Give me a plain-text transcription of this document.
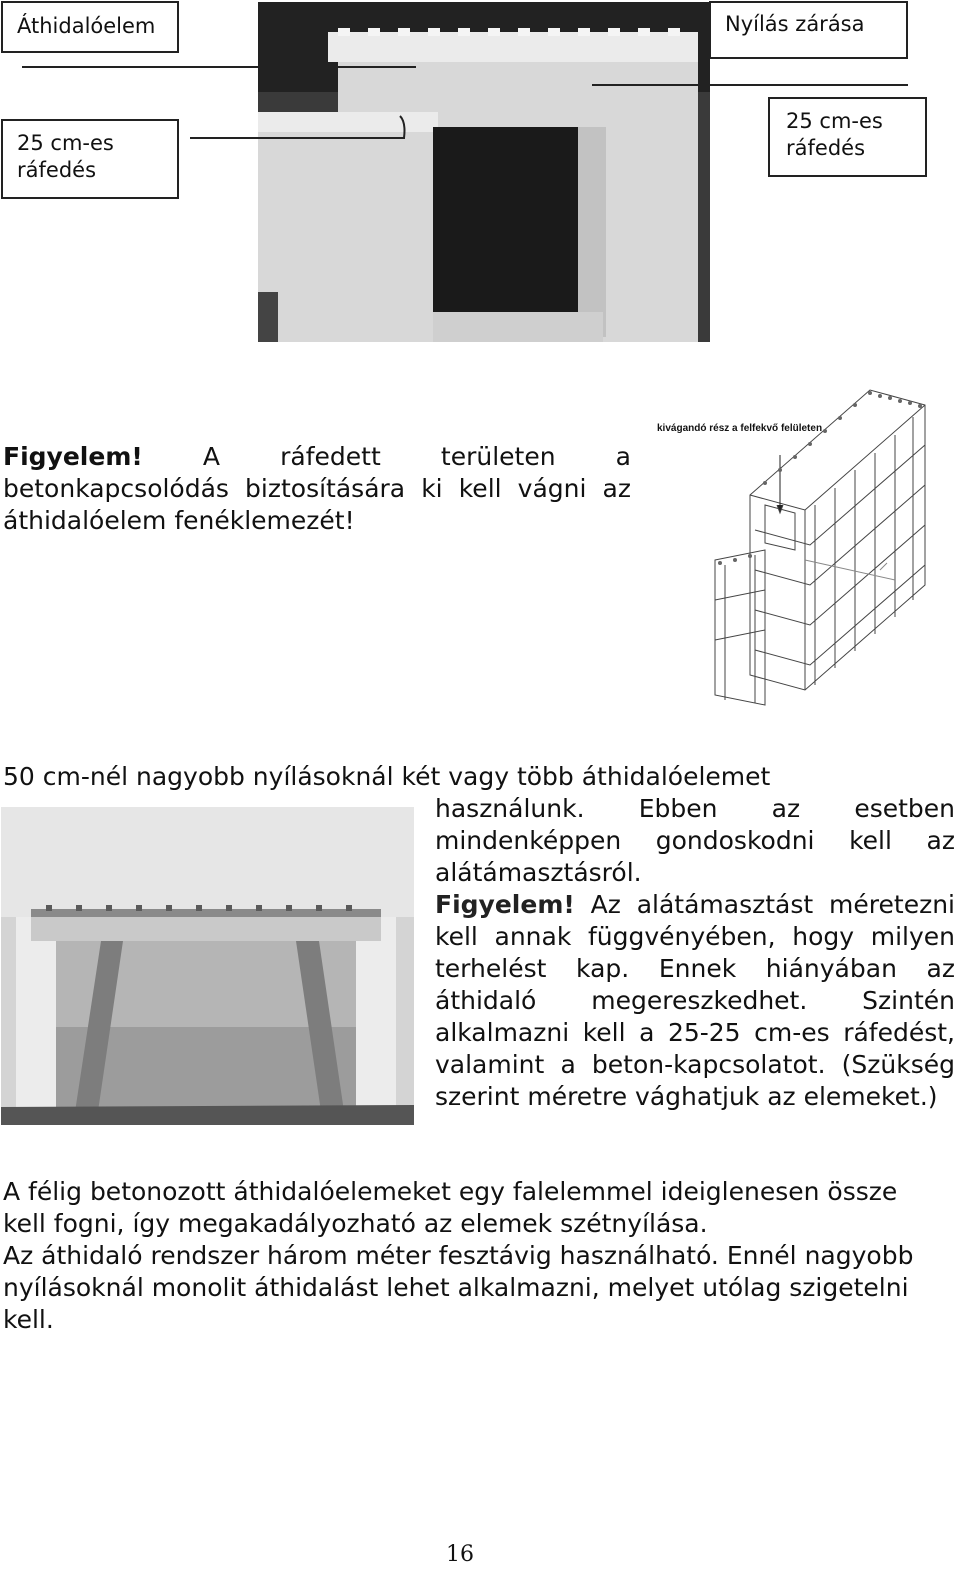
Áthidalóelem	Nyílás zárása
25 cm-es
ráfedés
25 cm-es
ráfedés
Figyelem! A ráfedett területen a betonkapcsolódás biztosítására ki kell vágni az áthidalóelem fenéklemezét!
kivágandó rész a felfekvő felületen
50 cm-nél nagyobb nyílásoknál két vagy több áthidalóelemet
használunk. Ebben az esetben mindenképpen gondoskodni kell az alátámasztásról.
Figyelem! Az alátámasztást méretezni kell annak függvényében, hogy milyen terhelést kap. Ennek hiányában az áthidaló megereszkedhet. Szintén alkalmazni kell a 25-25 cm-es ráfedést, valamint a beton-kapcsolatot. (Szükség szerint méretre vághatjuk az elemeket.)
A félig betonozott áthidalóelemeket egy falelemmel ideiglenesen össze kell fogni, így megakadályozható az elemek szétnyílása.
Az áthidaló rendszer három méter fesztávig használható. Ennél nagyobb nyílásoknál monolit áthidalást lehet alkalmazni, melyet utólag szigetelni kell.
16
